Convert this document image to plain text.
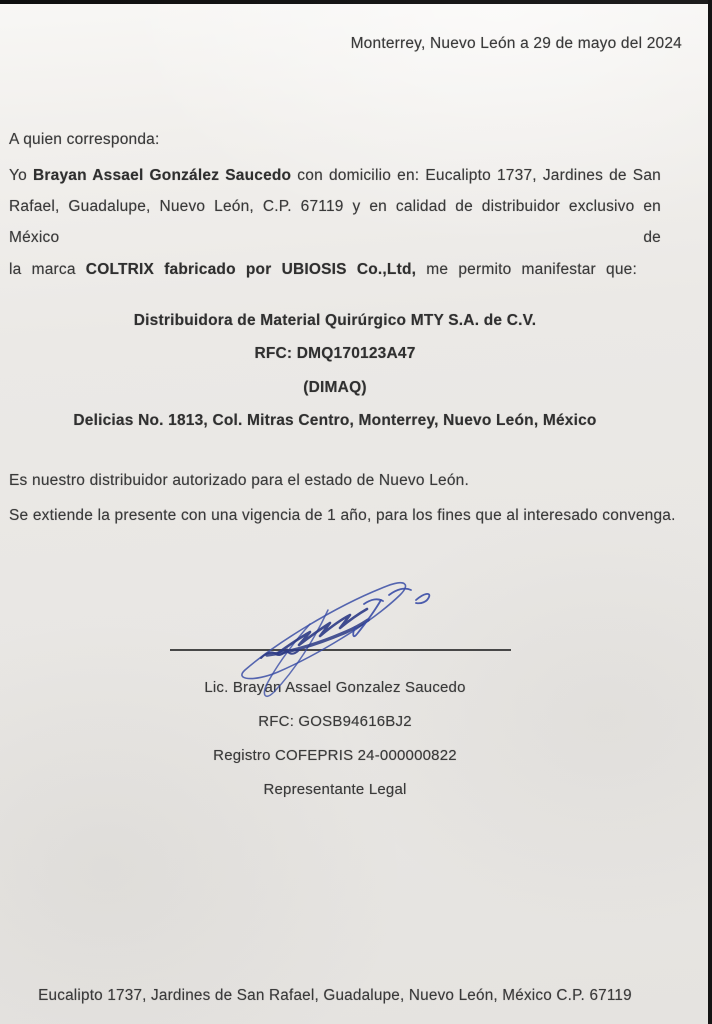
Monterrey, Nuevo León a 29 de mayo del 2024
A quien corresponda:
Yo Brayan Assael González Saucedo con domicilio en: Eucalipto 1737, Jardines de San
Rafael, Guadalupe, Nuevo León, C.P. 67119 y en calidad de distribuidor exclusivo en México de
la marca COLTRIX fabricado por UBIOSIS Co.,Ltd, me permito manifestar que:
Distribuidora de Material Quirúrgico MTY S.A. de C.V.
RFC: DMQ170123A47
(DIMAQ)
Delicias No. 1813, Col. Mitras Centro, Monterrey, Nuevo León, México
Es nuestro distribuidor autorizado para el estado de Nuevo León.
Se extiende la presente con una vigencia de 1 año, para los fines que al interesado convenga.
Lic. Brayan Assael Gonzalez Saucedo
RFC: GOSB94616BJ2
Registro COFEPRIS 24-000000822
Representante Legal
Eucalipto 1737, Jardines de San Rafael, Guadalupe, Nuevo León, México C.P. 67119
